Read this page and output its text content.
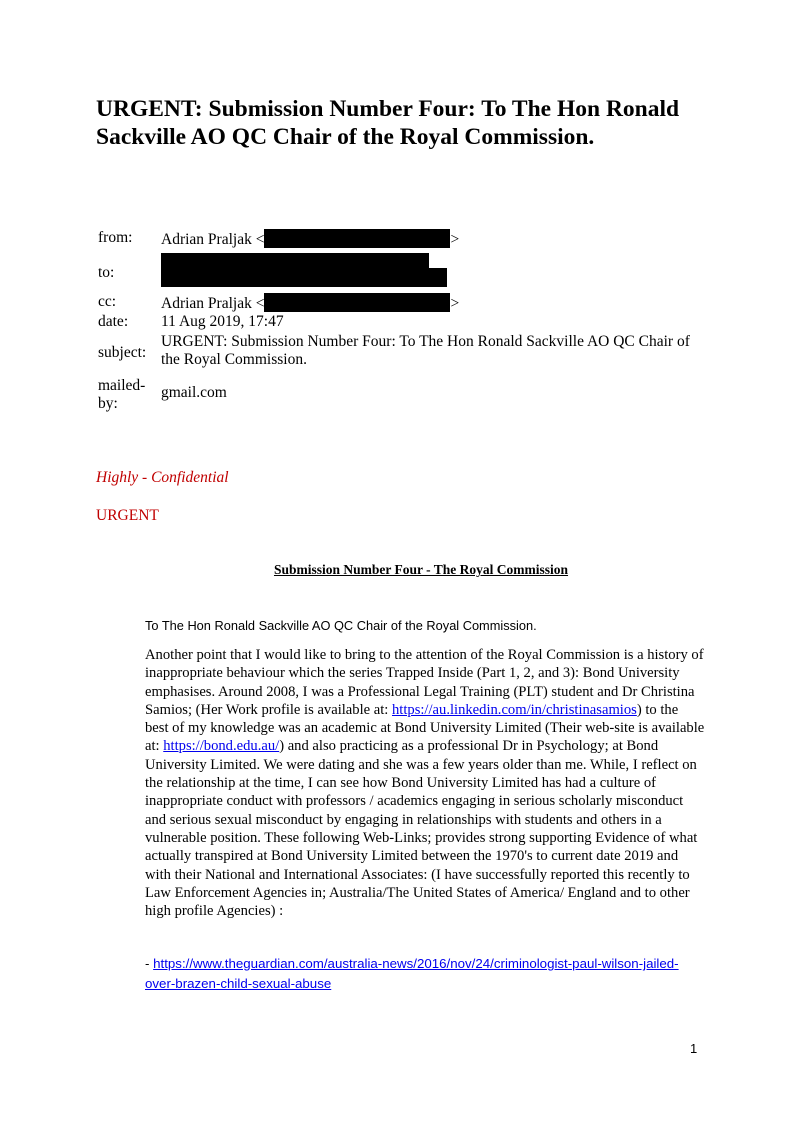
URGENT: Submission Number Four: To The Hon Ronald Sackville AO QC Chair of the Royal Commission.
from:	Adrian Praljak < >
to:	

cc:	Adrian Praljak < >
date:	11 Aug 2019, 17:47
subject:	URGENT: Submission Number Four: To The Hon Ronald Sackville AO QC Chair of the Royal Commission.
mailed-by:	gmail.com
Highly - Confidential
URGENT
Submission Number Four - The Royal Commission
To The Hon Ronald Sackville AO QC Chair of the Royal Commission.

Another point that I would like to bring to the attention of the Royal Commission is a history of inappropriate behaviour which the series Trapped Inside (Part 1, 2, and 3): Bond University emphasises. Around 2008, I was a Professional Legal Training (PLT) student and Dr Christina Samios; (Her Work profile is available at: https://au.linkedin.com/in/christinasamios) to the best of my knowledge was an academic at Bond University Limited (Their web-site is available at: https://bond.edu.au/) and also practicing as a professional Dr in Psychology; at Bond University Limited. We were dating and she was a few years older than me. While, I reflect on the relationship at the time, I can see how Bond University Limited has had a culture of inappropriate conduct with professors / academics engaging in serious scholarly misconduct and serious sexual misconduct by engaging in relationships with students and others in a vulnerable position. These following Web-Links; provides strong supporting Evidence of what actually transpired at Bond University Limited between the 1970's to current date 2019 and with their National and International Associates: (I have successfully reported this recently to Law Enforcement Agencies in; Australia/The United States of America/ England and to other high profile Agencies) :

- https://www.theguardian.com/australia-news/2016/nov/24/criminologist-paul-wilson-jailed-over-brazen-child-sexual-abuse

1
